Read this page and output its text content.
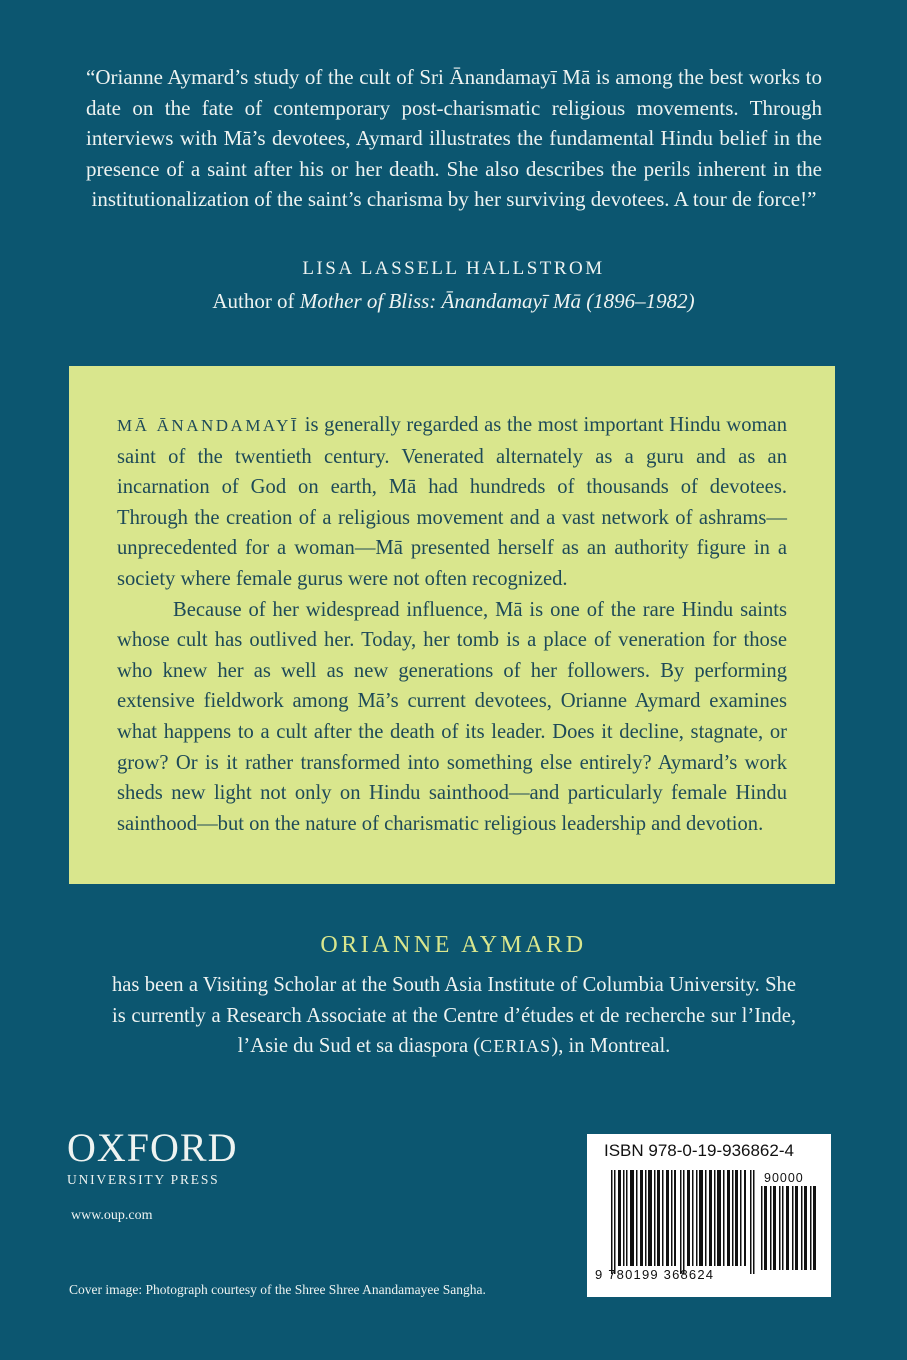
“Orianne Aymard’s study of the cult of Sri Ānandamayī Mā is among the best works to date on the fate of contemporary post-charismatic religious movements. Through interviews with Mā’s devotees, Aymard illustrates the fundamental Hindu belief in the presence of a saint after his or her death. She also describes the perils inherent in the institutionalization of the saint’s charisma by her surviving devotees. A tour de force!”

LISA LASSELL HALLSTROM
Author of Mother of Bliss: Ānandamayī Mā (1896–1982)

MĀ ĀNANDAMAYĪ is generally regarded as the most important Hindu woman saint of the twentieth century. Venerated alternately as a guru and as an incarnation of God on earth, Mā had hundreds of thousands of devotees. Through the creation of a religious movement and a vast network of ashrams—unprecedented for a woman—Mā presented herself as an authority figure in a society where female gurus were not often recognized.

Because of her widespread influence, Mā is one of the rare Hindu saints whose cult has outlived her. Today, her tomb is a place of veneration for those who knew her as well as new generations of her followers. By performing extensive fieldwork among Mā’s current devotees, Orianne Aymard examines what happens to a cult after the death of its leader. Does it decline, stagnate, or grow? Or is it rather transformed into something else entirely? Aymard’s work sheds new light not only on Hindu sainthood—and particularly female Hindu sainthood—but on the nature of charismatic religious leadership and devotion.

ORIANNE AYMARD

has been a Visiting Scholar at the South Asia Institute of Columbia University. She is currently a Research Associate at the Centre d’études et de recherche sur l’Inde, l’Asie du Sud et sa diaspora (CERIAS), in Montreal.

OXFORD
UNIVERSITY PRESS
www.oup.com
Cover image: Photograph courtesy of the Shree Shree Anandamayee Sangha.
ISBN 978-0-19-936862-4
90000
9 780199 368624
